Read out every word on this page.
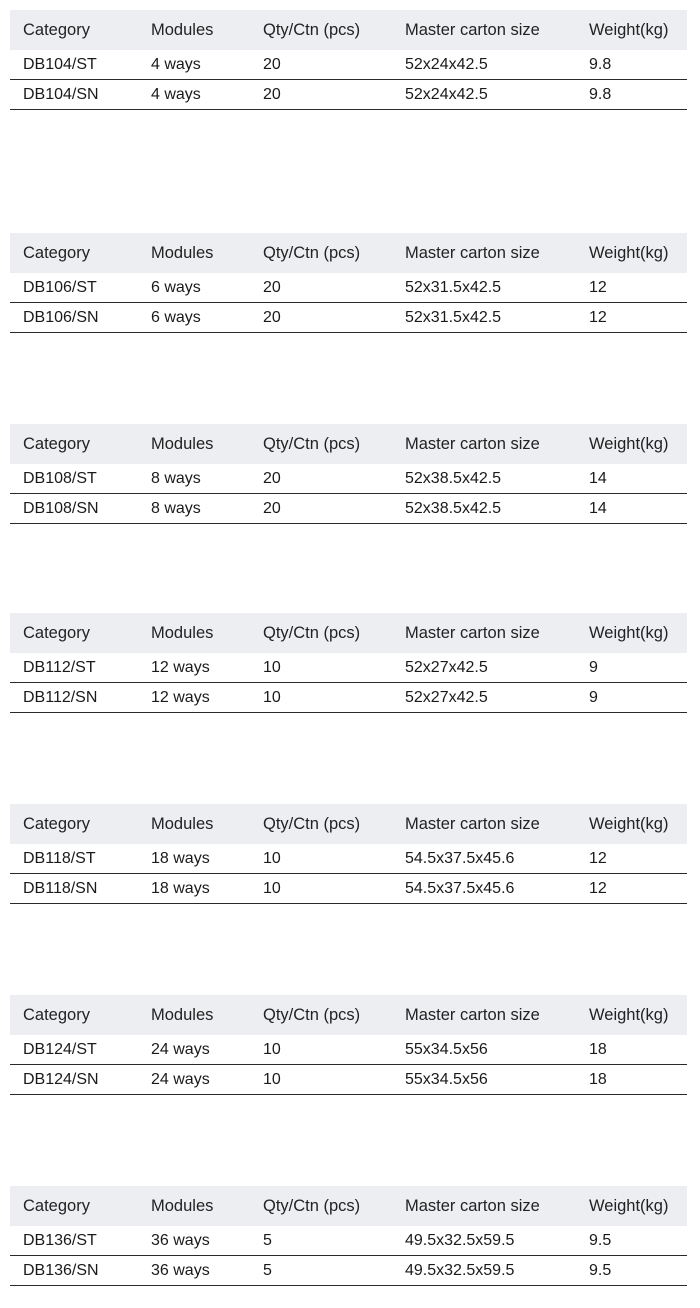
Category	Modules	Qty/Ctn (pcs)	Master carton size	Weight(kg)
DB104/ST	4 ways	20	52x24x42.5	9.8
DB104/SN	4 ways	20	52x24x42.5	9.8
Category	Modules	Qty/Ctn (pcs)	Master carton size	Weight(kg)
DB106/ST	6 ways	20	52x31.5x42.5	12
DB106/SN	6 ways	20	52x31.5x42.5	12
Category	Modules	Qty/Ctn (pcs)	Master carton size	Weight(kg)
DB108/ST	8 ways	20	52x38.5x42.5	14
DB108/SN	8 ways	20	52x38.5x42.5	14
Category	Modules	Qty/Ctn (pcs)	Master carton size	Weight(kg)
DB112/ST	12 ways	10	52x27x42.5	9
DB112/SN	12 ways	10	52x27x42.5	9
Category	Modules	Qty/Ctn (pcs)	Master carton size	Weight(kg)
DB118/ST	18 ways	10	54.5x37.5x45.6	12
DB118/SN	18 ways	10	54.5x37.5x45.6	12
Category	Modules	Qty/Ctn (pcs)	Master carton size	Weight(kg)
DB124/ST	24 ways	10	55x34.5x56	18
DB124/SN	24 ways	10	55x34.5x56	18
Category	Modules	Qty/Ctn (pcs)	Master carton size	Weight(kg)
DB136/ST	36 ways	5	49.5x32.5x59.5	9.5
DB136/SN	36 ways	5	49.5x32.5x59.5	9.5
